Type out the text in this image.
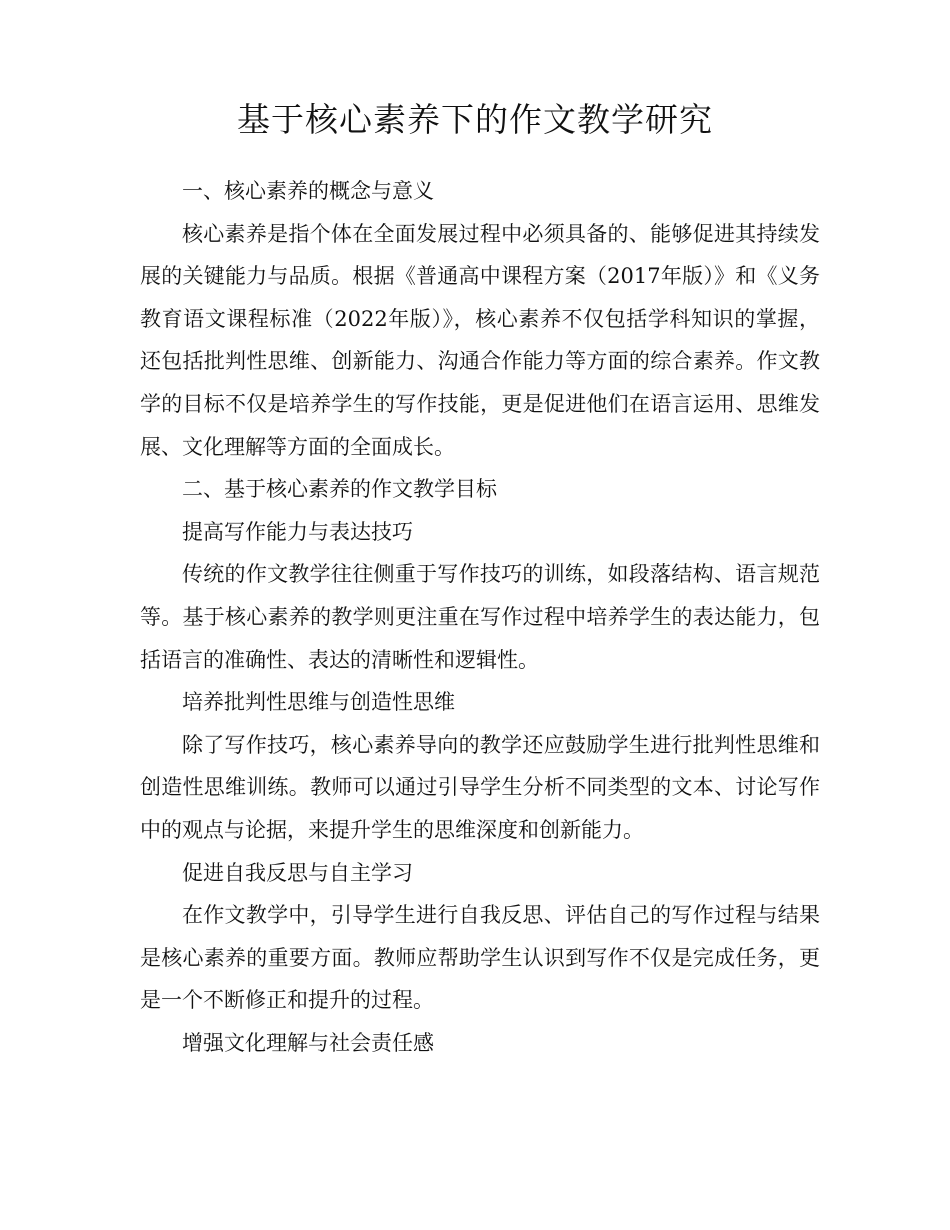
基于核心素养下的作文教学研究

一、核心素养的概念与意义

核心素养是指个体在全面发展过程中必须具备的、能够促进其持续发展的关键能力与品质。根据《普通高中课程方案（2017年版）》和《义务教育语文课程标准（2022年版）》，核心素养不仅包括学科知识的掌握，还包括批判性思维、创新能力、沟通合作能力等方面的综合素养。作文教学的目标不仅是培养学生的写作技能，更是促进他们在语言运用、思维发展、文化理解等方面的全面成长。

二、基于核心素养的作文教学目标

提高写作能力与表达技巧

传统的作文教学往往侧重于写作技巧的训练，如段落结构、语言规范等。基于核心素养的教学则更注重在写作过程中培养学生的表达能力，包括语言的准确性、表达的清晰性和逻辑性。

培养批判性思维与创造性思维

除了写作技巧，核心素养导向的教学还应鼓励学生进行批判性思维和创造性思维训练。教师可以通过引导学生分析不同类型的文本、讨论写作中的观点与论据，来提升学生的思维深度和创新能力。

促进自我反思与自主学习

在作文教学中，引导学生进行自我反思、评估自己的写作过程与结果是核心素养的重要方面。教师应帮助学生认识到写作不仅是完成任务，更是一个不断修正和提升的过程。

增强文化理解与社会责任感
